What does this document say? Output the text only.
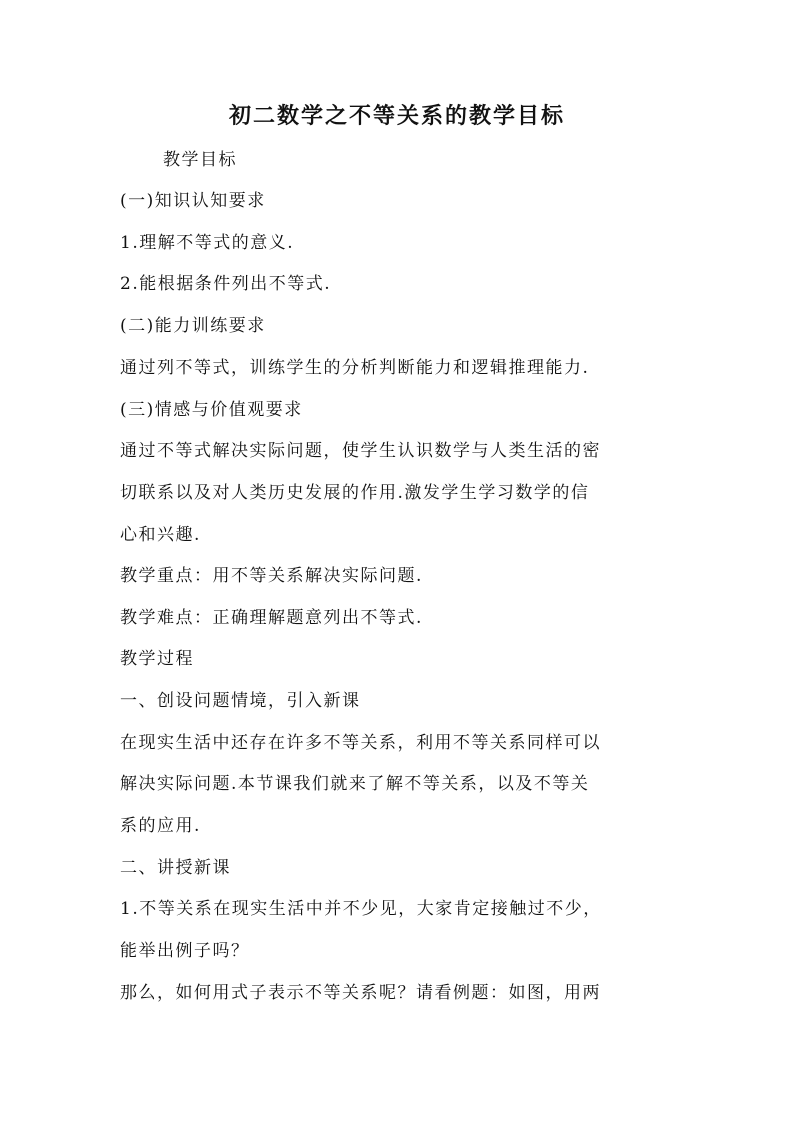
初二数学之不等关系的教学目标

教学目标

(一)知识认知要求

1.理解不等式的意义.

2.能根据条件列出不等式.

(二)能力训练要求

通过列不等式，训练学生的分析判断能力和逻辑推理能力.

(三)情感与价值观要求

通过不等式解决实际问题，使学生认识数学与人类生活的密

切联系以及对人类历史发展的作用.激发学生学习数学的信

心和兴趣.

教学重点：用不等关系解决实际问题.

教学难点：正确理解题意列出不等式.

教学过程

一、创设问题情境，引入新课

在现实生活中还存在许多不等关系，利用不等关系同样可以

解决实际问题.本节课我们就来了解不等关系，以及不等关

系的应用.

二、讲授新课

1.不等关系在现实生活中并不少见，大家肯定接触过不少，

能举出例子吗？

那么，如何用式子表示不等关系呢？请看例题：如图，用两
